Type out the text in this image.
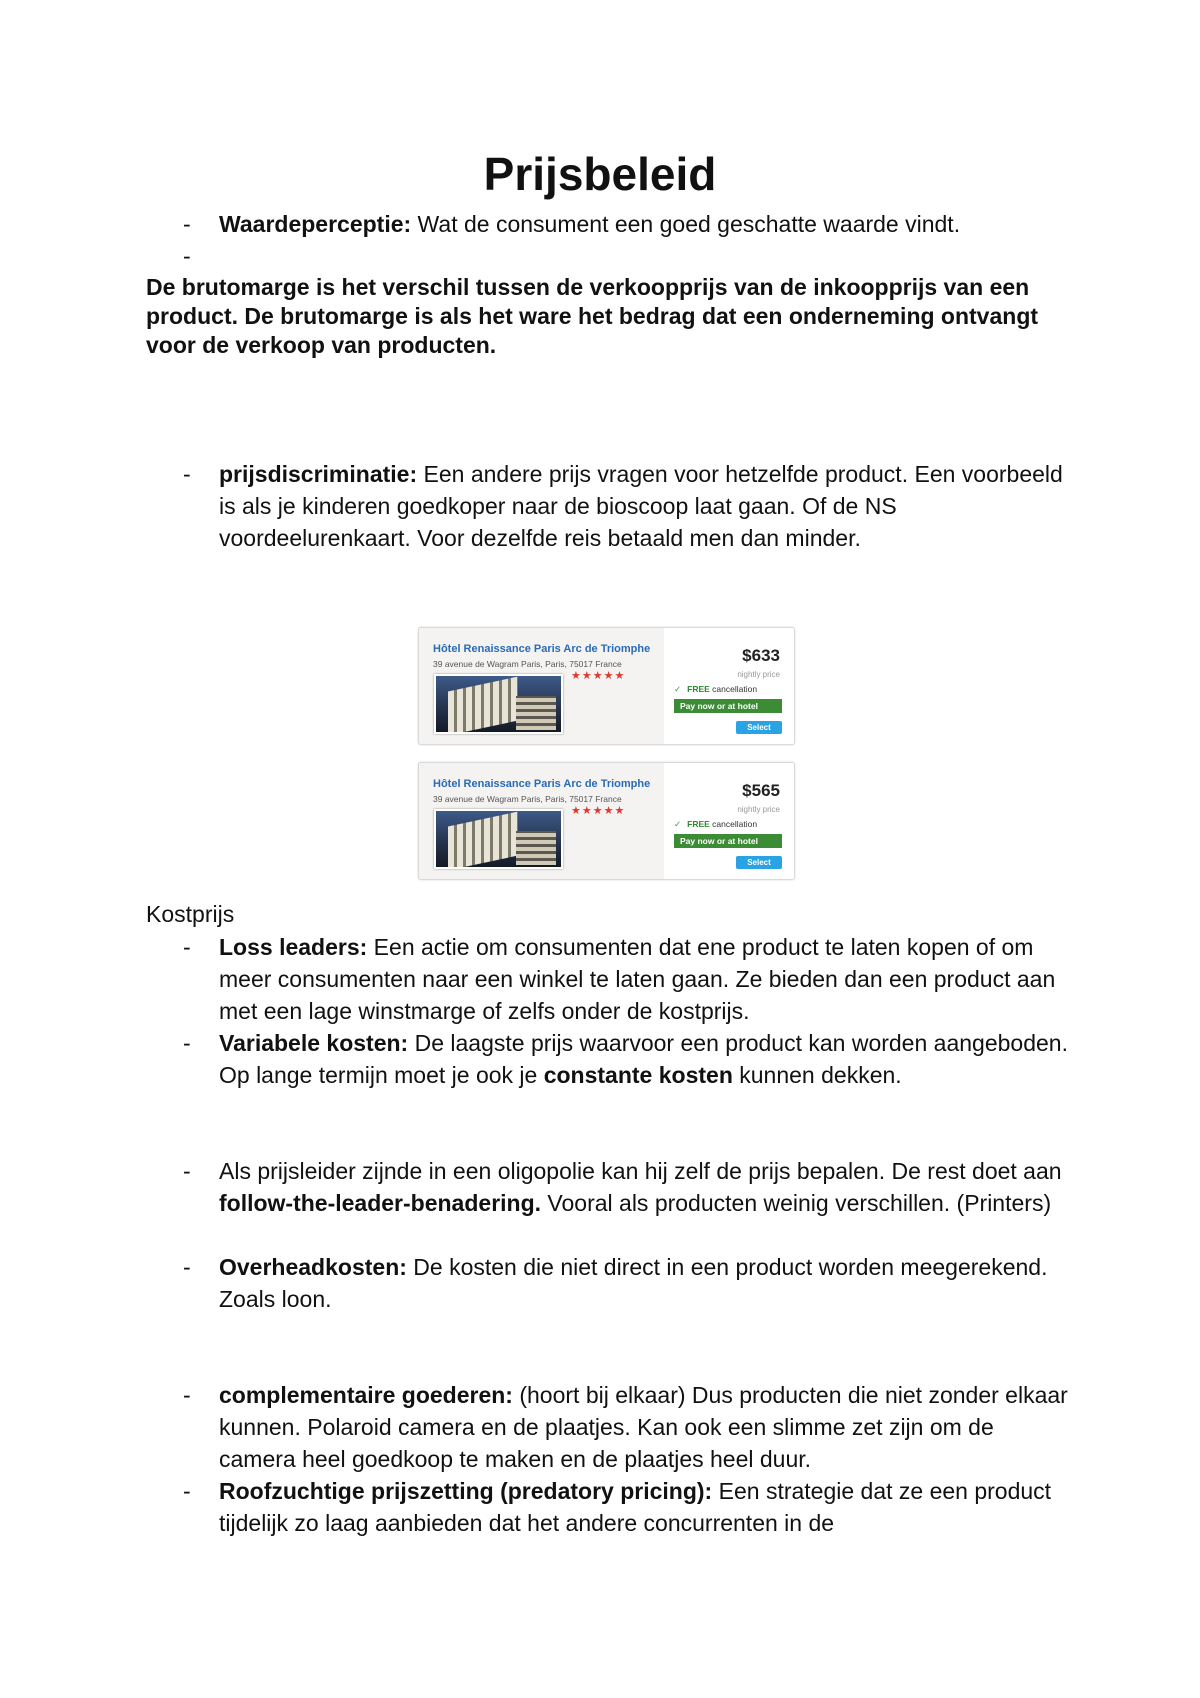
Prijsbeleid
-	Waardeperceptie: Wat de consument een goed geschatte waarde vindt.
-
De brutomarge is het verschil tussen de verkoopprijs van de inkoopprijs van een product. De brutomarge is als het ware het bedrag dat een onderneming ontvangt voor de verkoop van producten.
-	prijsdiscriminatie: Een andere prijs vragen voor hetzelfde product. Een voorbeeld is als je kinderen goedkoper naar de bioscoop laat gaan. Of de NS voordeelurenkaart. Voor dezelfde reis betaald men dan minder.
Hôtel Renaissance Paris Arc de Triomphe
39 avenue de Wagram Paris, Paris, 75017 France
★★★★★
$633
nightly price
✓ FREE cancellation
Pay now or at hotel
Select
Hôtel Renaissance Paris Arc de Triomphe
39 avenue de Wagram Paris, Paris, 75017 France
★★★★★
$565
nightly price
✓ FREE cancellation
Pay now or at hotel
Select
Kostprijs
-	Loss leaders: Een actie om consumenten dat ene product te laten kopen of om meer consumenten naar een winkel te laten gaan. Ze bieden dan een product aan met een lage winstmarge of zelfs onder de kostprijs.
-	Variabele kosten: De laagste prijs waarvoor een product kan worden aangeboden. Op lange termijn moet je ook je constante kosten kunnen dekken.
-	Als prijsleider zijnde in een oligopolie kan hij zelf de prijs bepalen. De rest doet aan follow-the-leader-benadering. Vooral als producten weinig verschillen. (Printers)
-	Overheadkosten: De kosten die niet direct in een product worden meegerekend. Zoals loon.
-	complementaire goederen: (hoort bij elkaar) Dus producten die niet zonder elkaar kunnen. Polaroid camera en de plaatjes. Kan ook een slimme zet zijn om de camera heel goedkoop te maken en de plaatjes heel duur.
-	Roofzuchtige prijszetting (predatory pricing): Een strategie dat ze een product tijdelijk zo laag aanbieden dat het andere concurrenten in de
